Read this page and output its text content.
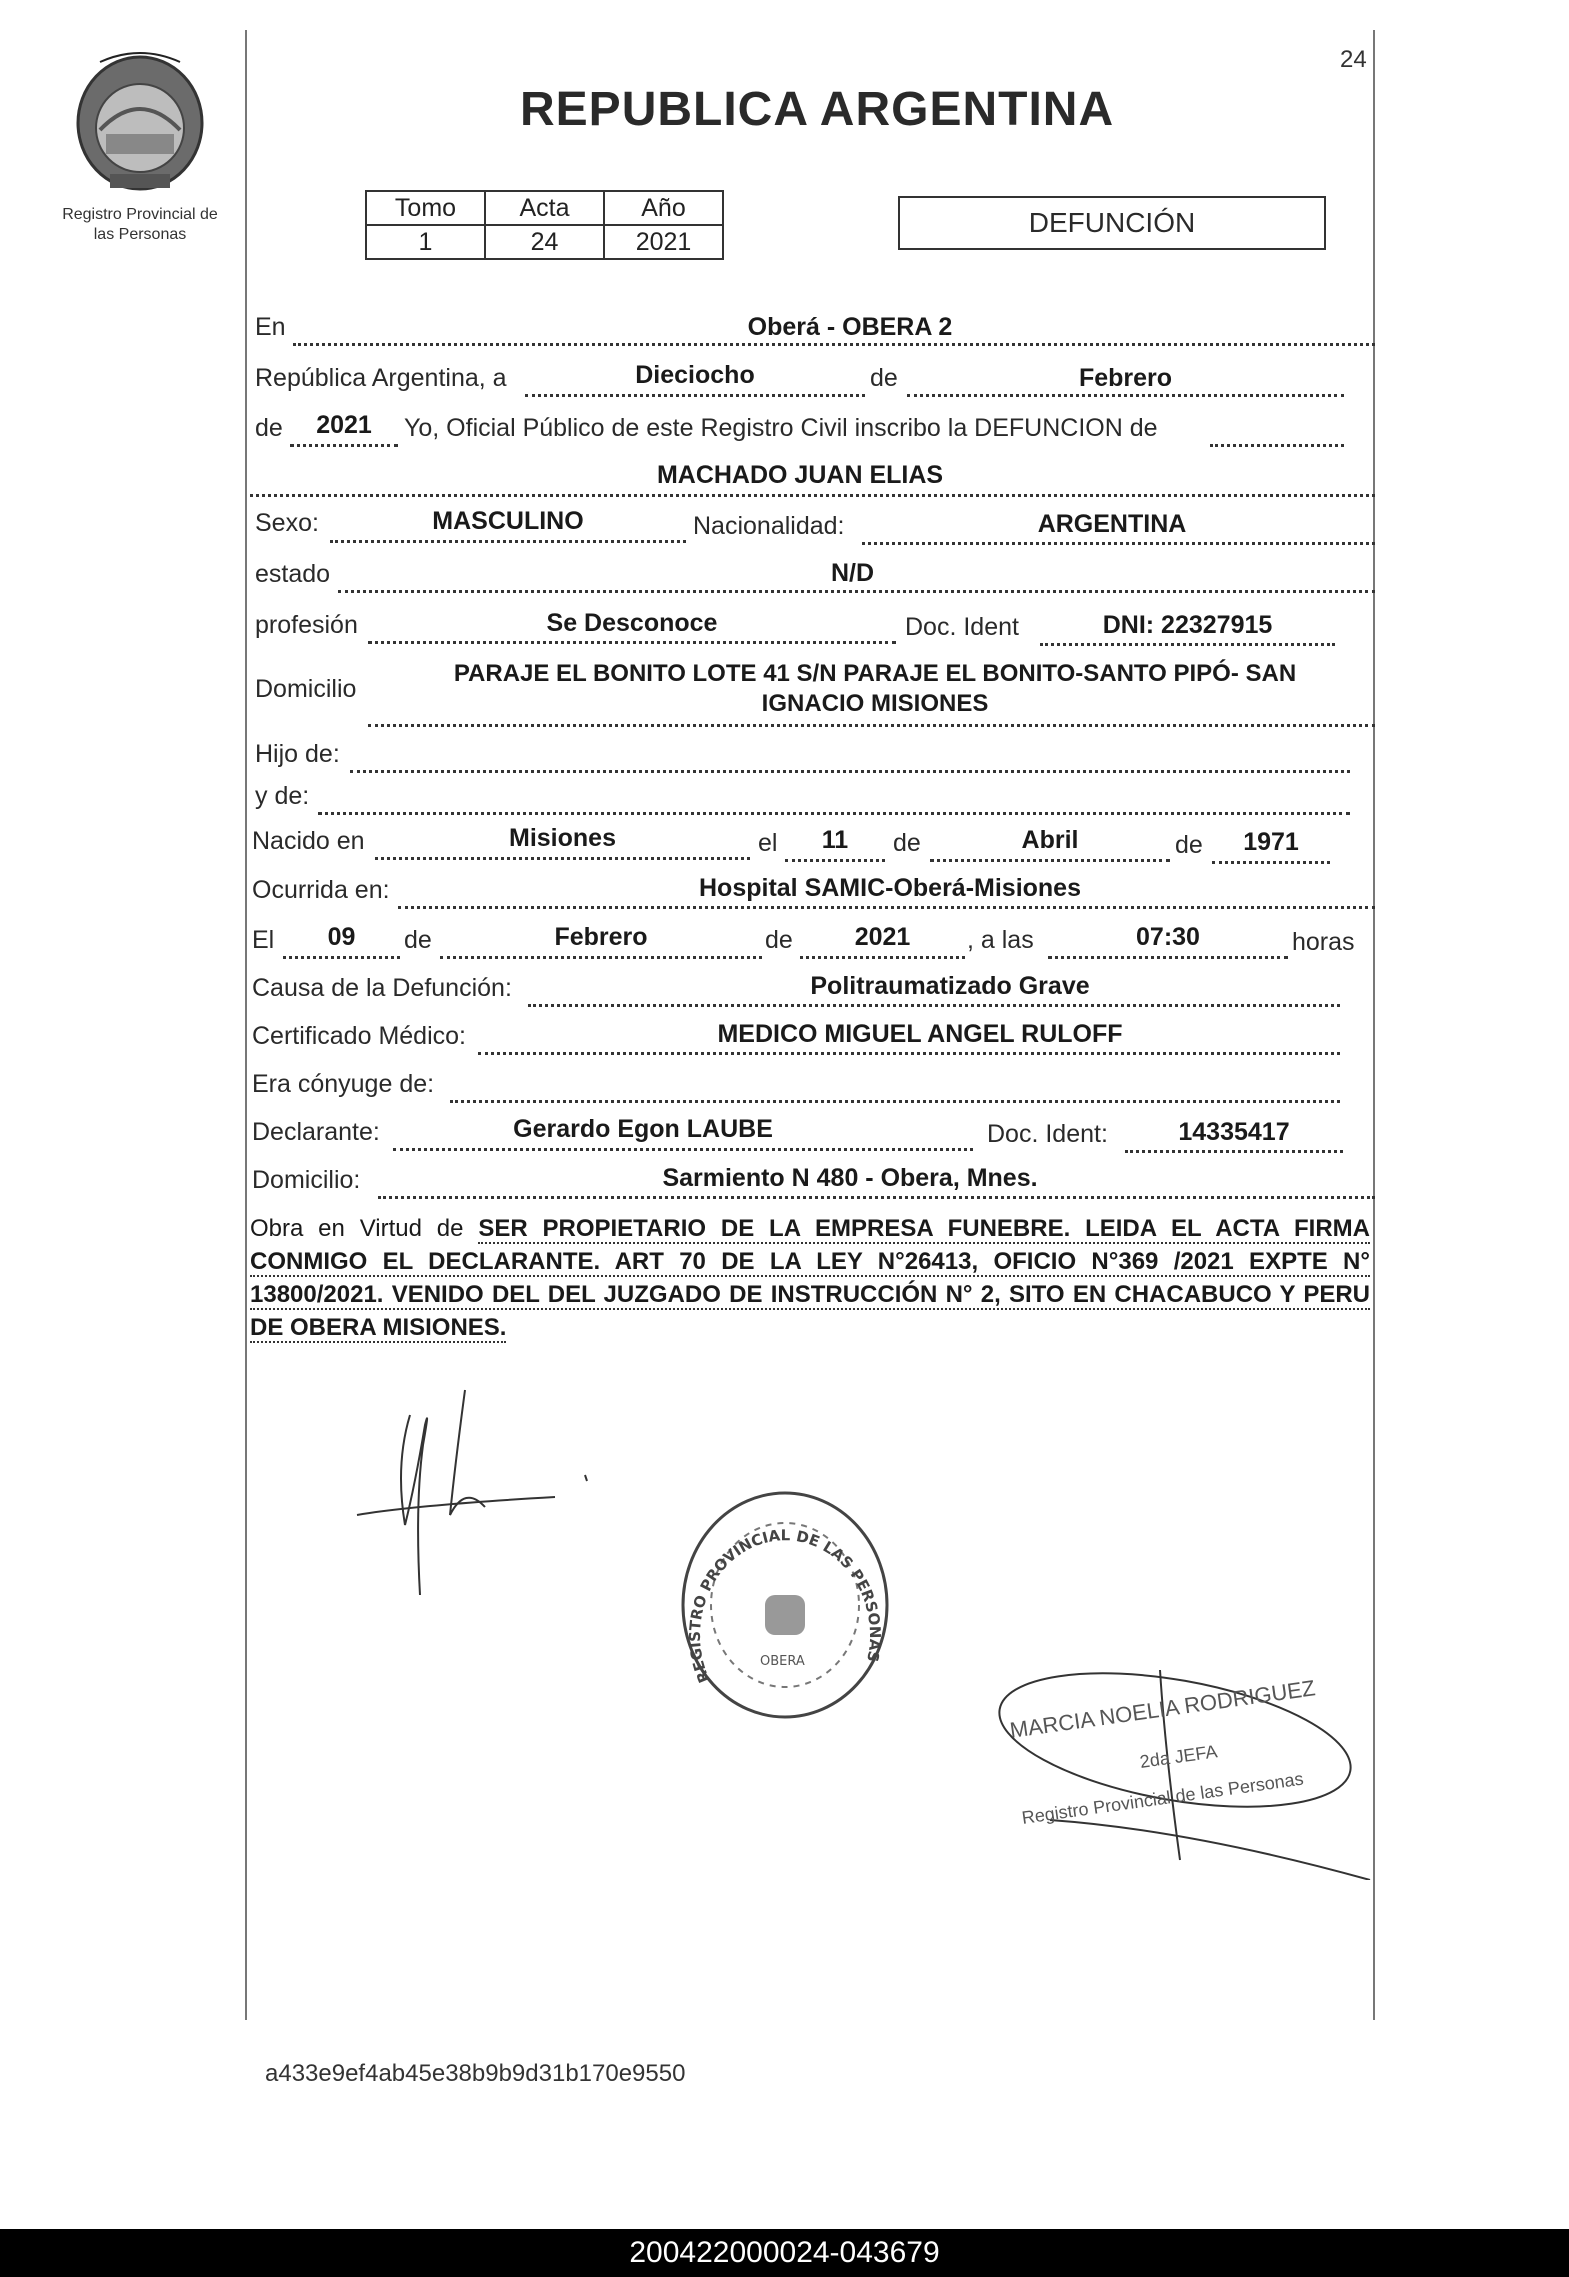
Registro Provincial de
las Personas
24
REPUBLICA ARGENTINA
Tomo	Acta	Año
1	24	2021
DEFUNCIÓN
En	Oberá - OBERA 2
República Argentina, a	Dieciocho	de	Febrero
de	2021	Yo, Oficial Público de este Registro Civil inscribo la DEFUNCION de
MACHADO JUAN ELIAS
Sexo:	MASCULINO	Nacionalidad:	ARGENTINA
estado	N/D
profesión	Se Desconoce	Doc. Ident	DNI: 22327915
Domicilio
PARAJE EL BONITO LOTE 41 S/N PARAJE EL BONITO-SANTO PIPÓ- SAN
IGNACIO MISIONES
Hijo de:
y de:
Nacido en	Misiones	el	11	de	Abril	de	1971
Ocurrida en:	Hospital SAMIC-Oberá-Misiones
El	09	de	Febrero	de	2021	, a las	07:30	horas
Causa de la Defunción:	Politraumatizado Grave
Certificado Médico:	MEDICO MIGUEL ANGEL RULOFF
Era cónyuge de:
Declarante:	Gerardo Egon LAUBE	Doc. Ident:	14335417
Domicilio:	Sarmiento N 480 - Obera, Mnes.
Obra en Virtud de SER PROPIETARIO DE LA EMPRESA FUNEBRE. LEIDA EL ACTA FIRMA CONMIGO EL DECLARANTE. ART 70 DE LA LEY N°26413, OFICIO N°369 /2021 EXPTE N° 13800/2021. VENIDO DEL DEL JUZGADO DE INSTRUCCIÓN N° 2, SITO EN CHACABUCO Y PERU DE OBERA MISIONES.
REGISTRO PROVINCIAL DE LAS PERSONAS
OBERA
MARCIA NOELIA RODRIGUEZ
2da JEFA
Registro Provincial de las Personas
a433e9ef4ab45e38b9b9d31b170e9550
200422000024-043679
